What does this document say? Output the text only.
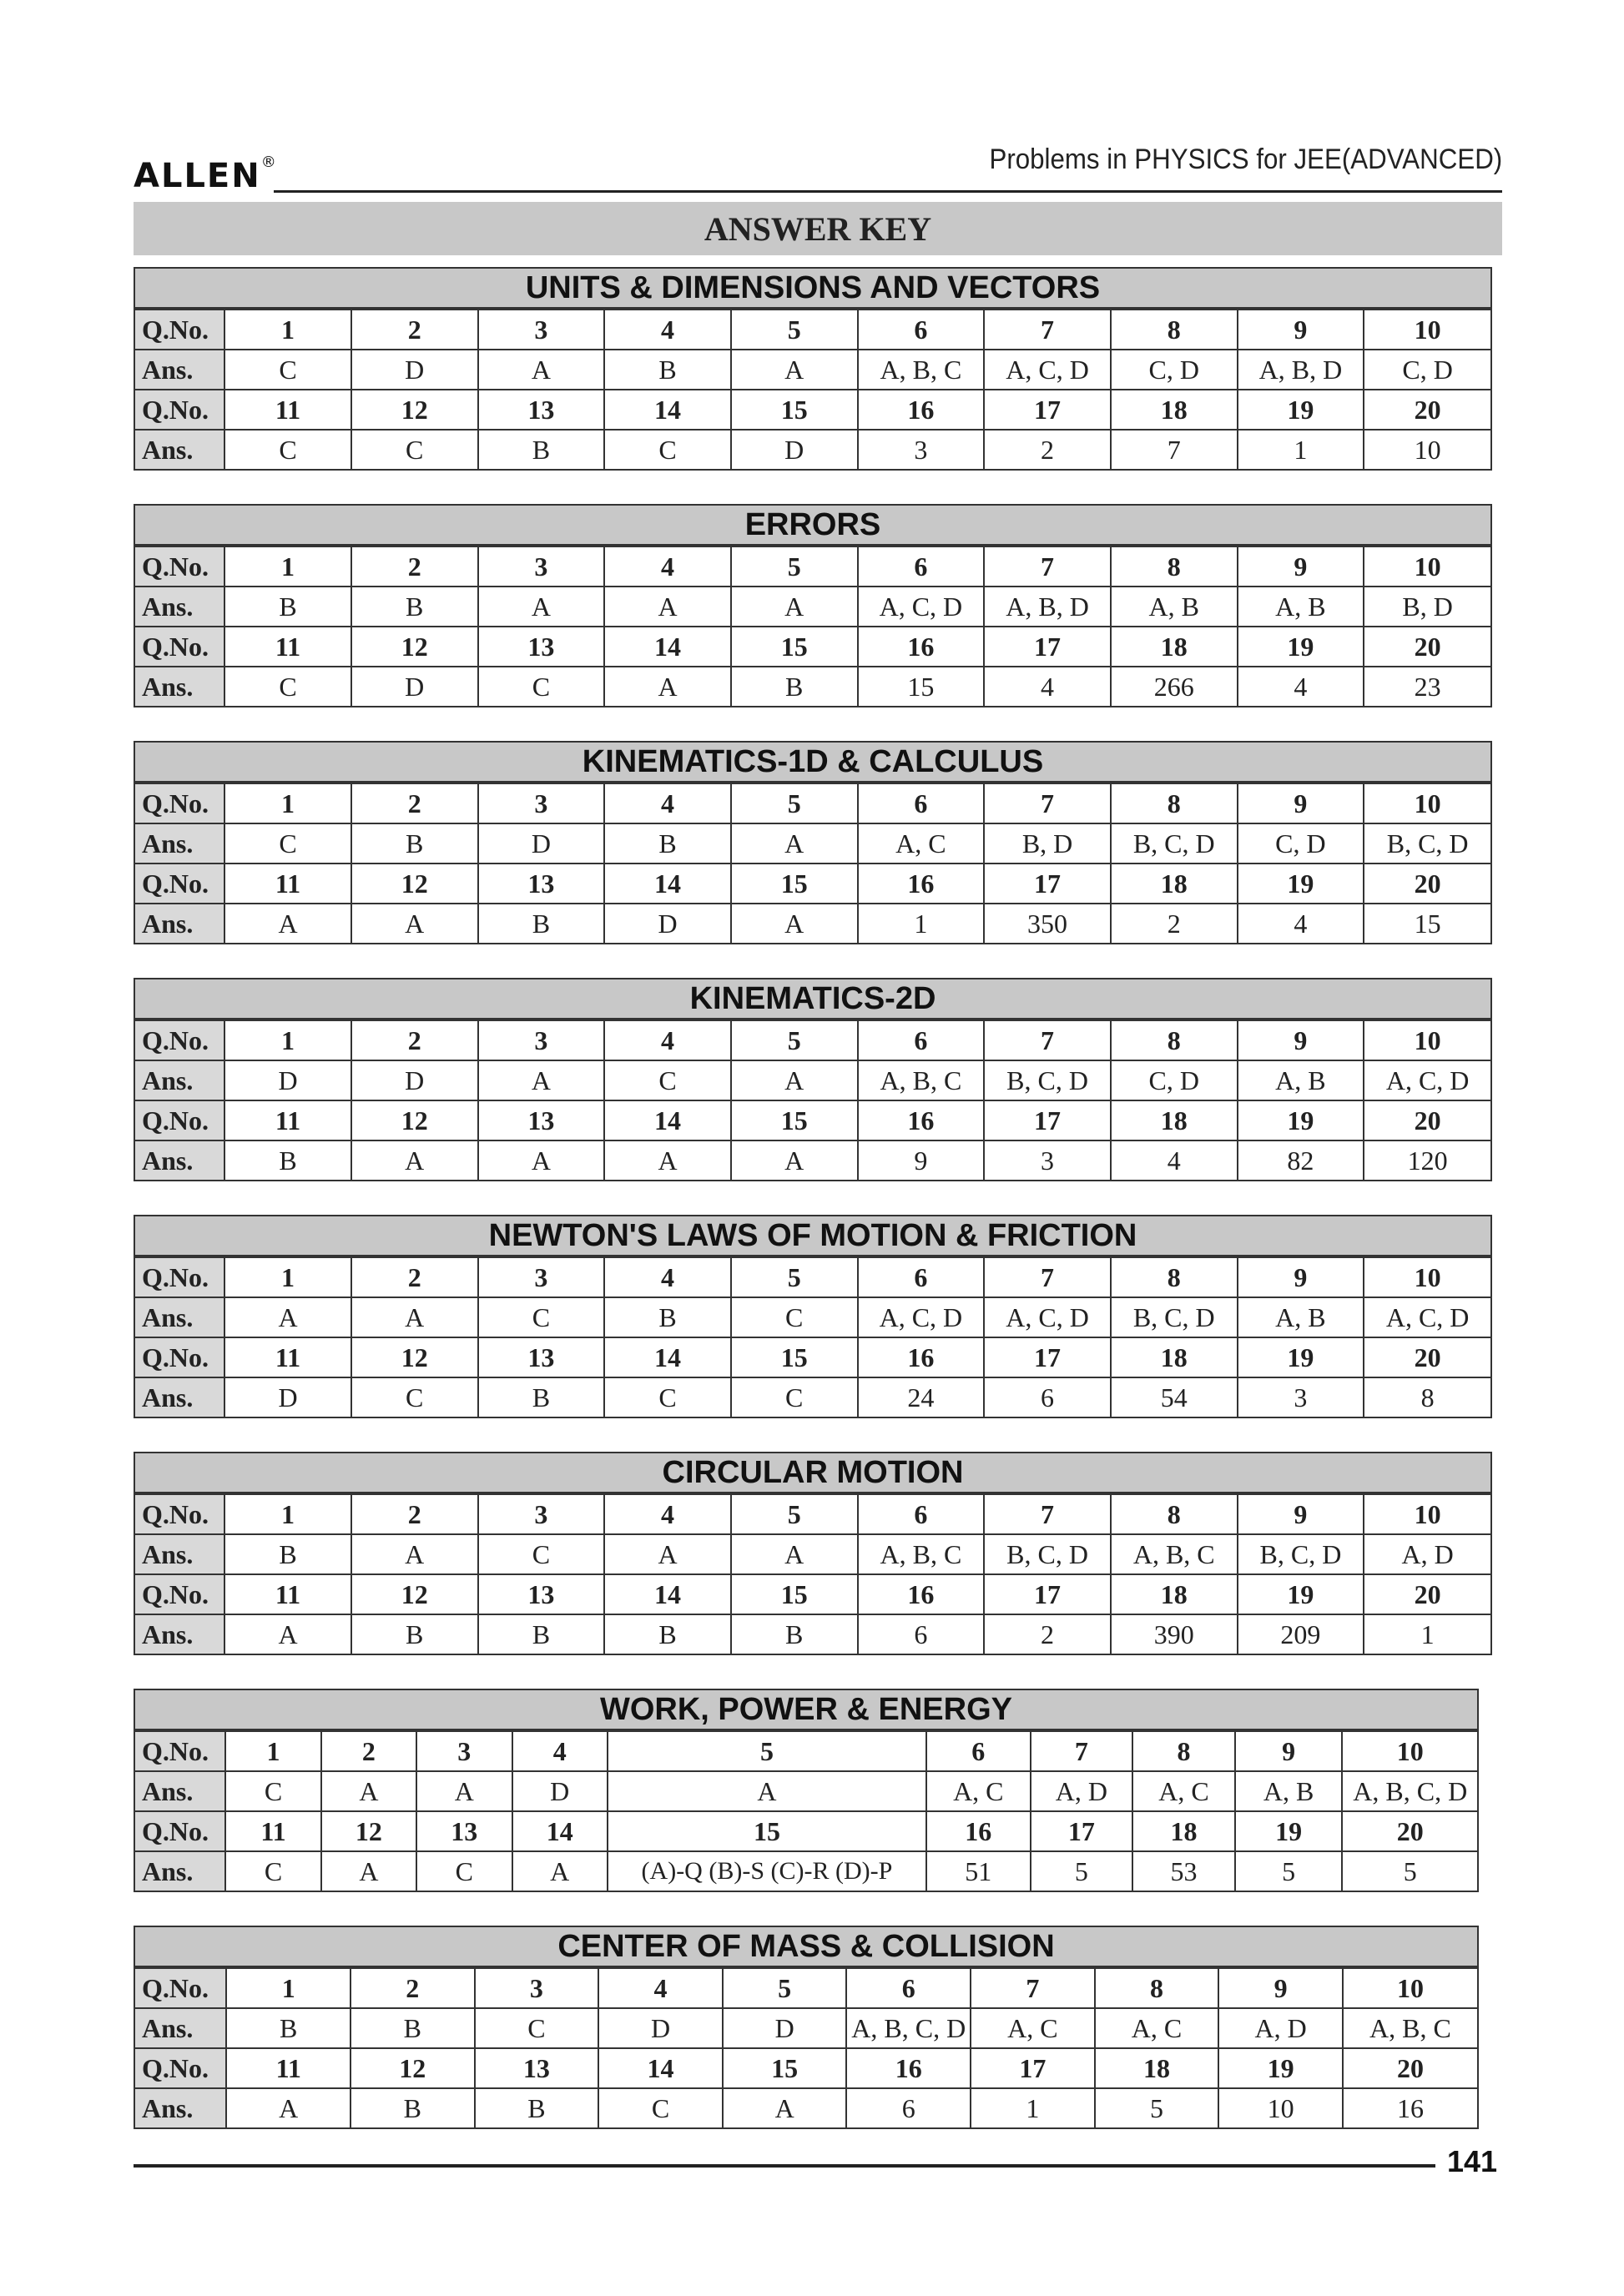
ALLEN®	Problems in PHYSICS for JEE(ADVANCED)
ANSWER KEY
UNITS & DIMENSIONS AND VECTORS
Q.No.	1	2	3	4	5	6	7	8	9	10
Ans.	C	D	A	B	A	A, B, C	A, C, D	C, D	A, B, D	C, D
Q.No.	11	12	13	14	15	16	17	18	19	20
Ans.	C	C	B	C	D	3	2	7	1	10
ERRORS
Q.No.	1	2	3	4	5	6	7	8	9	10
Ans.	B	B	A	A	A	A, C, D	A, B, D	A, B	A, B	B, D
Q.No.	11	12	13	14	15	16	17	18	19	20
Ans.	C	D	C	A	B	15	4	266	4	23
KINEMATICS-1D & CALCULUS
Q.No.	1	2	3	4	5	6	7	8	9	10
Ans.	C	B	D	B	A	A, C	B, D	B, C, D	C, D	B, C, D
Q.No.	11	12	13	14	15	16	17	18	19	20
Ans.	A	A	B	D	A	1	350	2	4	15
KINEMATICS-2D
Q.No.	1	2	3	4	5	6	7	8	9	10
Ans.	D	D	A	C	A	A, B, C	B, C, D	C, D	A, B	A, C, D
Q.No.	11	12	13	14	15	16	17	18	19	20
Ans.	B	A	A	A	A	9	3	4	82	120
NEWTON'S LAWS OF MOTION & FRICTION
Q.No.	1	2	3	4	5	6	7	8	9	10
Ans.	A	A	C	B	C	A, C, D	A, C, D	B, C, D	A, B	A, C, D
Q.No.	11	12	13	14	15	16	17	18	19	20
Ans.	D	C	B	C	C	24	6	54	3	8
CIRCULAR MOTION
Q.No.	1	2	3	4	5	6	7	8	9	10
Ans.	B	A	C	A	A	A, B, C	B, C, D	A, B, C	B, C, D	A, D
Q.No.	11	12	13	14	15	16	17	18	19	20
Ans.	A	B	B	B	B	6	2	390	209	1
WORK, POWER & ENERGY
Q.No.	1	2	3	4	5	6	7	8	9	10
Ans.	C	A	A	D	A	A, C	A, D	A, C	A, B	A, B, C, D
Q.No.	11	12	13	14	15	16	17	18	19	20
Ans.	C	A	C	A	(A)-Q (B)-S (C)-R (D)-P	51	5	53	5	5
CENTER OF MASS & COLLISION
Q.No.	1	2	3	4	5	6	7	8	9	10
Ans.	B	B	C	D	D	A, B, C, D	A, C	A, C	A, D	A, B, C
Q.No.	11	12	13	14	15	16	17	18	19	20
Ans.	A	B	B	C	A	6	1	5	10	16
141
